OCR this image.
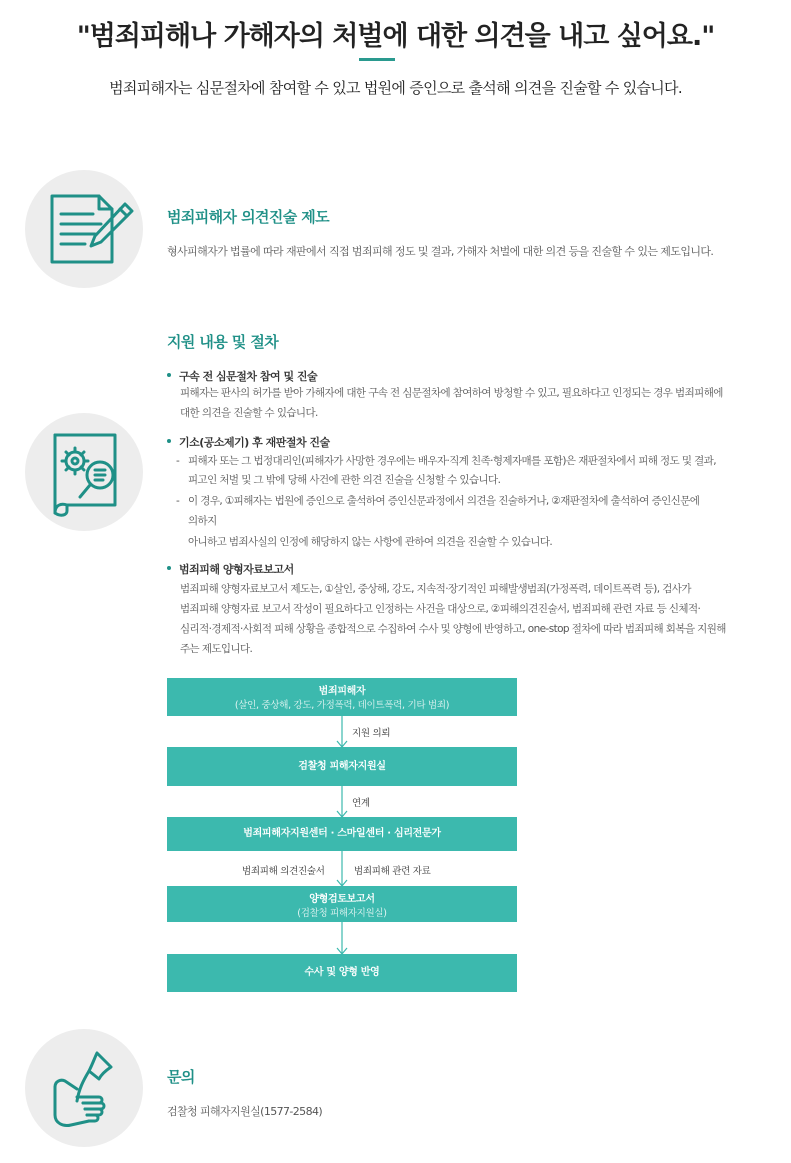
"범죄피해나 가해자의 처벌에 대한 의견을 내고 싶어요."
범죄피해자는 심문절차에 참여할 수 있고 법원에 증인으로 출석해 의견을 진술할 수 있습니다.
범죄피해자 의견진술 제도
형사피해자가 법률에 따라 재판에서 직접 범죄피해 정도 및 결과, 가해자 처벌에 대한 의견 등을 진술할 수 있는 제도입니다.
지원 내용 및 절차
구속 전 심문절차 참여 및 진술
피해자는 판사의 허가를 받아 가해자에 대한 구속 전 심문절차에 참여하여 방청할 수 있고, 필요하다고 인정되는 경우 범죄피해에
대한 의견을 진술할 수 있습니다.
기소(공소제기) 후 재판절차 진술
- 피해자 또는 그 법정대리인(피해자가 사망한 경우에는 배우자·직계 친족·형제자매를 포함)은 재판절차에서 피해 정도 및 결과,
피고인 처벌 및 그 밖에 당해 사건에 관한 의견 진술을 신청할 수 있습니다.
- 이 경우, ①피해자는 법원에 증인으로 출석하여 증인신문과정에서 의견을 진술하거나, ②재판절차에 출석하여 증인신문에
의하지
아니하고 범죄사실의 인정에 해당하지 않는 사항에 관하여 의견을 진술할 수 있습니다.
범죄피해 양형자료보고서
범죄피해 양형자료보고서 제도는, ①살인, 중상해, 강도, 지속적·장기적인 피해발생범죄(가정폭력, 데이트폭력 등), 검사가
범죄피해 양형자료 보고서 작성이 필요하다고 인정하는 사건을 대상으로, ②피해의견진술서, 범죄피해 관련 자료 등 신체적·
심리적·경제적·사회적 피해 상황을 종합적으로 수집하여 수사 및 양형에 반영하고, one-stop 절차에 따라 범죄피해 회복을 지원해
주는 제도입니다.
범죄피해자
(살인, 중상해, 강도, 가정폭력, 데이트폭력, 기타 범죄)
지원 의뢰
검찰청 피해자지원실
연계
범죄피해자지원센터 · 스마일센터 · 심리전문가
범죄피해 의견진술서	범죄피해 관련 자료
양형검토보고서
(검찰청 피해자지원실)
수사 및 양형 반영
문의
검찰청 피해자지원실(1577-2584)
